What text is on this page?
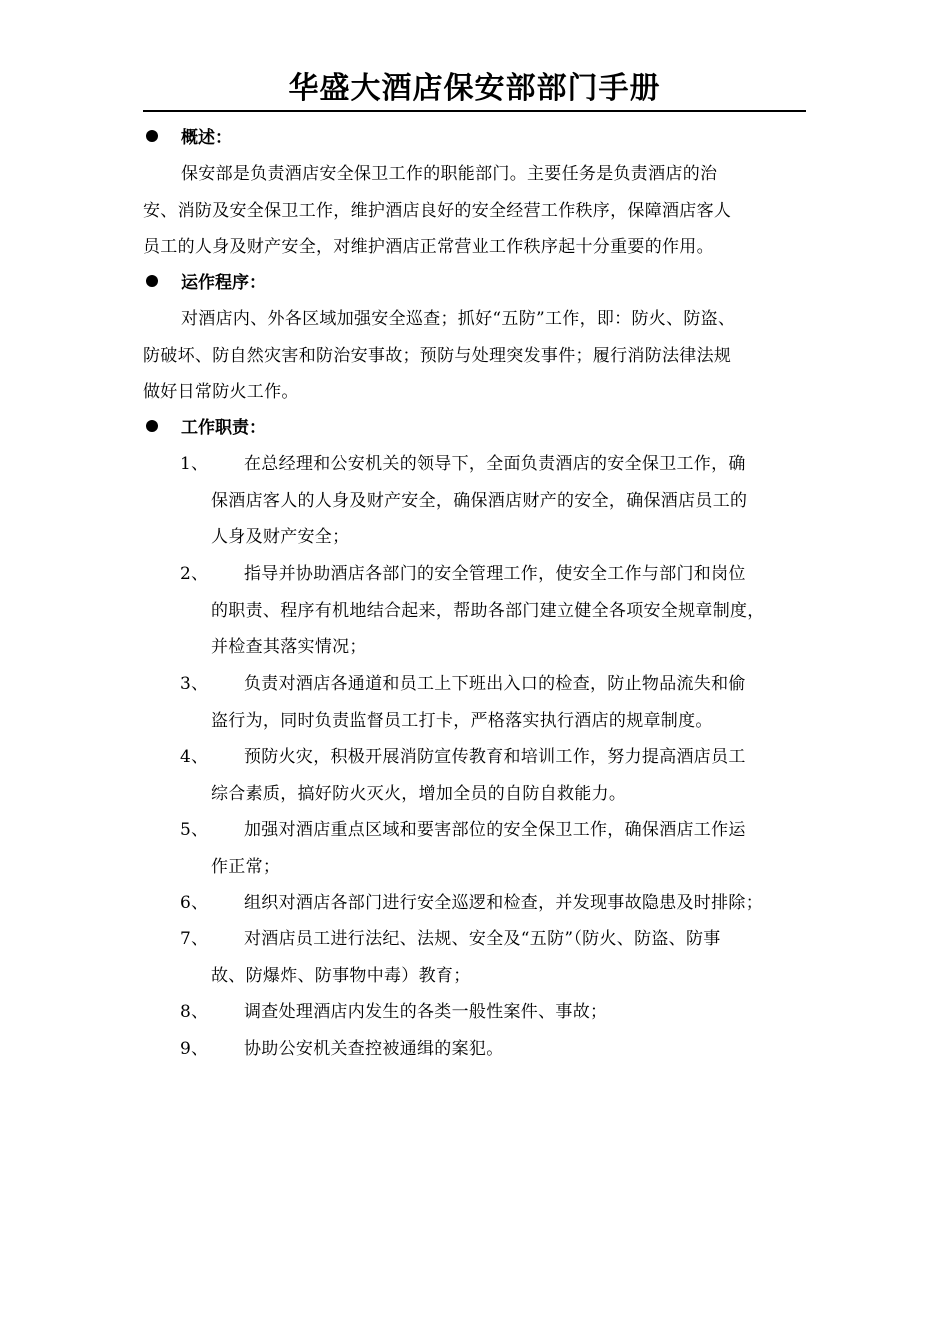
华盛大酒店保安部部门手册
概述：
保安部是负责酒店安全保卫工作的职能部门。主要任务是负责酒店的治
安、消防及安全保卫工作，维护酒店良好的安全经营工作秩序，保障酒店客人
员工的人身及财产安全，对维护酒店正常营业工作秩序起十分重要的作用。
运作程序：
对酒店内、外各区域加强安全巡查；抓好“五防”工作，即：防火、防盗、
防破坏、防自然灾害和防治安事故；预防与处理突发事件；履行消防法律法规
做好日常防火工作。
工作职责：
1、	在总经理和公安机关的领导下，全面负责酒店的安全保卫工作，确
保酒店客人的人身及财产安全，确保酒店财产的安全，确保酒店员工的
人身及财产安全；
2、	指导并协助酒店各部门的安全管理工作，使安全工作与部门和岗位
的职责、程序有机地结合起来，帮助各部门建立健全各项安全规章制度，
并检查其落实情况；
3、	负责对酒店各通道和员工上下班出入口的检查，防止物品流失和偷
盗行为，同时负责监督员工打卡，严格落实执行酒店的规章制度。
4、	预防火灾，积极开展消防宣传教育和培训工作，努力提高酒店员工
综合素质，搞好防火灭火，增加全员的自防自救能力。
5、	加强对酒店重点区域和要害部位的安全保卫工作，确保酒店工作运
作正常；
6、	组织对酒店各部门进行安全巡逻和检查，并发现事故隐患及时排除；
7、	对酒店员工进行法纪、法规、安全及“五防”（防火、防盗、防事
故、防爆炸、防事物中毒）教育；
8、	调查处理酒店内发生的各类一般性案件、事故；
9、	协助公安机关查控被通缉的案犯。
